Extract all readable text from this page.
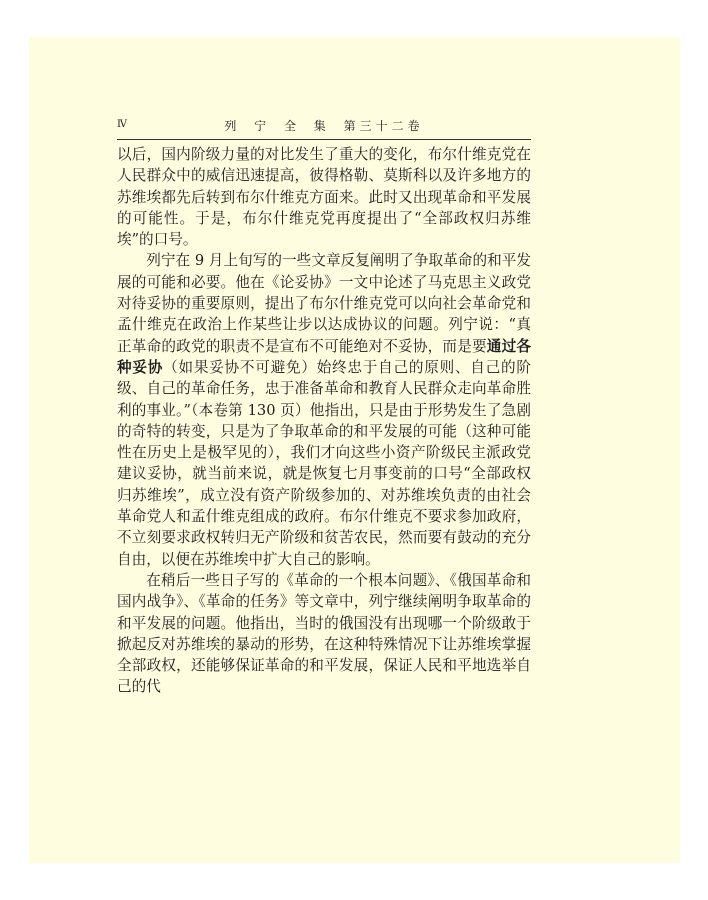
Ⅳ	列 宁 全 集 第三十二卷

以后，国内阶级力量的对比发生了重大的变化，布尔什维克党在人民群众中的威信迅速提高，彼得格勒、莫斯科以及许多地方的苏维埃都先后转到布尔什维克方面来。此时又出现革命和平发展的可能性。于是，布尔什维克党再度提出了“全部政权归苏维埃”的口号。

列宁在 9 月上旬写的一些文章反复阐明了争取革命的和平发展的可能和必要。他在《论妥协》一文中论述了马克思主义政党对待妥协的重要原则，提出了布尔什维克党可以向社会革命党和孟什维克在政治上作某些让步以达成协议的问题。列宁说：“真正革命的政党的职责不是宣布不可能绝对不妥协，而是要通过各种妥协（如果妥协不可避免）始终忠于自己的原则、自己的阶级、自己的革命任务，忠于准备革命和教育人民群众走向革命胜利的事业。”（本卷第 130 页）他指出，只是由于形势发生了急剧的奇特的转变，只是为了争取革命的和平发展的可能（这种可能性在历史上是极罕见的），我们才向这些小资产阶级民主派政党建议妥协，就当前来说，就是恢复七月事变前的口号“全部政权归苏维埃”，成立没有资产阶级参加的、对苏维埃负责的由社会革命党人和孟什维克组成的政府。布尔什维克不要求参加政府，不立刻要求政权转归无产阶级和贫苦农民，然而要有鼓动的充分自由，以便在苏维埃中扩大自己的影响。

在稍后一些日子写的《革命的一个根本问题》、《俄国革命和国内战争》、《革命的任务》等文章中，列宁继续阐明争取革命的和平发展的问题。他指出，当时的俄国没有出现哪一个阶级敢于掀起反对苏维埃的暴动的形势，在这种特殊情况下让苏维埃掌握全部政权，还能够保证革命的和平发展，保证人民和平地选举自己的代
